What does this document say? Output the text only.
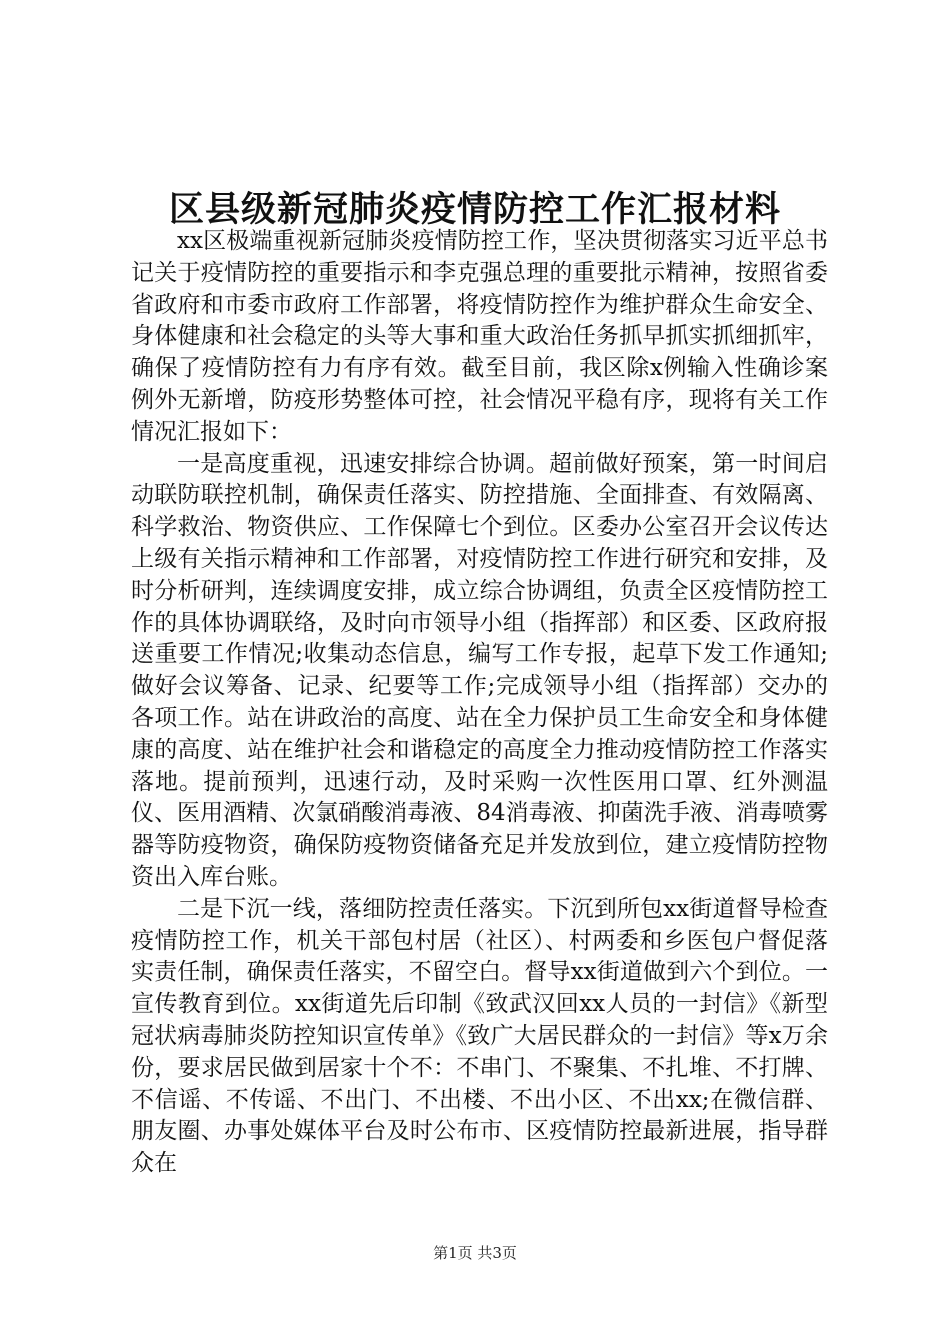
区县级新冠肺炎疫情防控工作汇报材料

xx区极端重视新冠肺炎疫情防控工作，坚决贯彻落实习近平总书记关于疫情防控的重要指示和李克强总理的重要批示精神，按照省委省政府和市委市政府工作部署，将疫情防控作为维护群众生命安全、身体健康和社会稳定的头等大事和重大政治任务抓早抓实抓细抓牢，确保了疫情防控有力有序有效。截至目前，我区除x例输入性确诊案例外无新增，防疫形势整体可控，社会情况平稳有序，现将有关工作情况汇报如下：

一是高度重视，迅速安排综合协调。超前做好预案，第一时间启动联防联控机制，确保责任落实、防控措施、全面排查、有效隔离、科学救治、物资供应、工作保障七个到位。区委办公室召开会议传达上级有关指示精神和工作部署，对疫情防控工作进行研究和安排，及时分析研判，连续调度安排，成立综合协调组，负责全区疫情防控工作的具体协调联络，及时向市领导小组（指挥部）和区委、区政府报送重要工作情况;收集动态信息，编写工作专报，起草下发工作通知;做好会议筹备、记录、纪要等工作;完成领导小组（指挥部）交办的各项工作。站在讲政治的高度、站在全力保护员工生命安全和身体健康的高度、站在维护社会和谐稳定的高度全力推动疫情防控工作落实落地。提前预判，迅速行动，及时采购一次性医用口罩、红外测温仪、医用酒精、次氯硝酸消毒液、84消毒液、抑菌洗手液、消毒喷雾器等防疫物资，确保防疫物资储备充足并发放到位，建立疫情防控物资出入库台账。

二是下沉一线，落细防控责任落实。下沉到所包xx街道督导检查疫情防控工作，机关干部包村居（社区）、村两委和乡医包户督促落实责任制，确保责任落实，不留空白。督导xx街道做到六个到位。一宣传教育到位。xx街道先后印制《致武汉回xx人员的一封信》《新型冠状病毒肺炎防控知识宣传单》《致广大居民群众的一封信》等x万余份，要求居民做到居家十个不：不串门、不聚集、不扎堆、不打牌、不信谣、不传谣、不出门、不出楼、不出小区、不出xx;在微信群、朋友圈、办事处媒体平台及时公布市、区疫情防控最新进展，指导群众在

第1页 共3页
